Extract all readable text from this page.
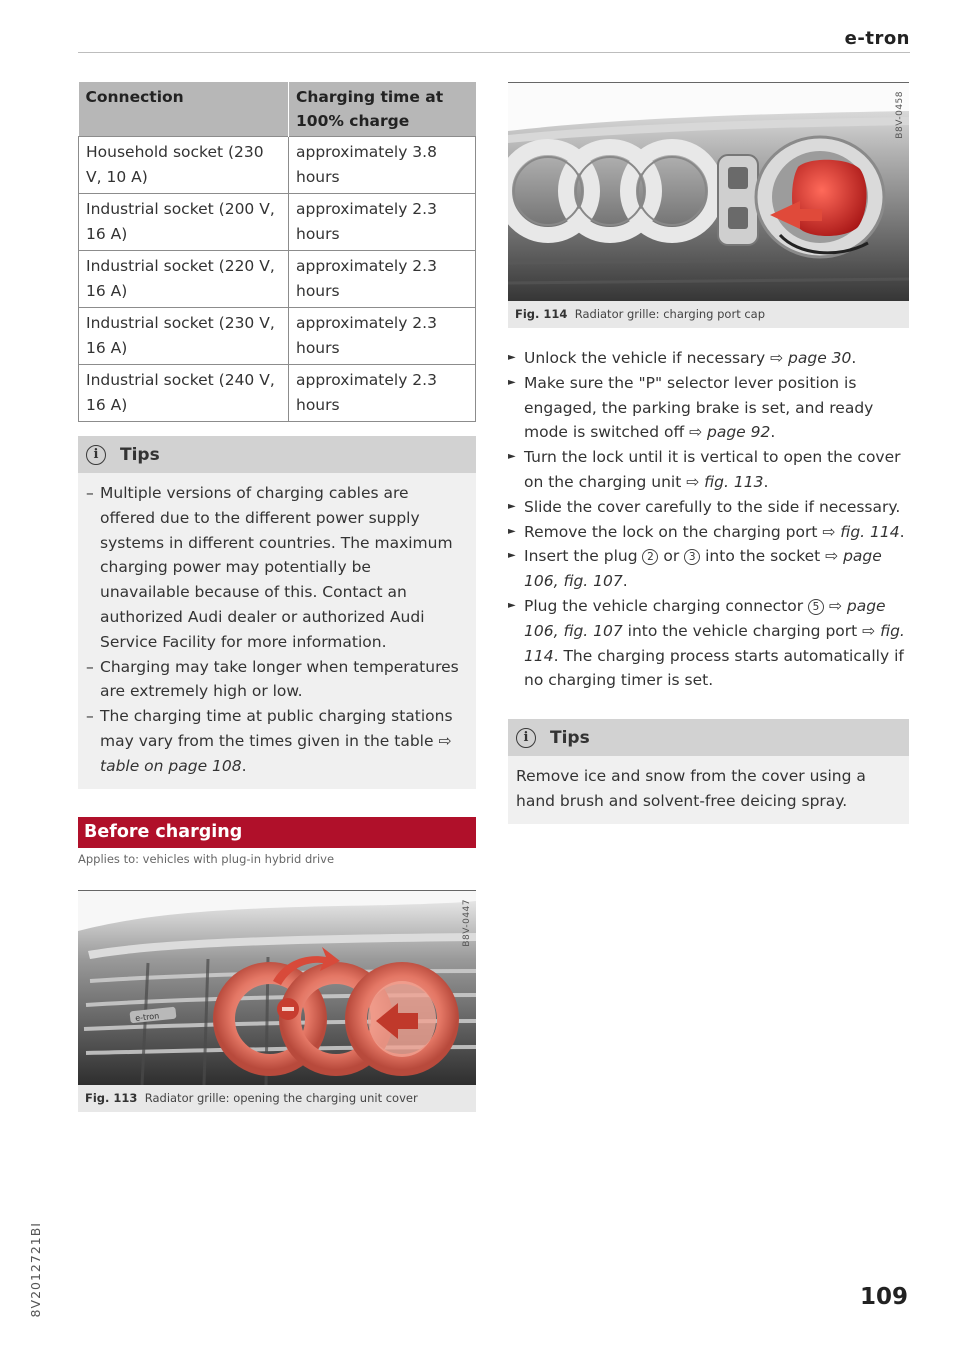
e-tron
Connection	Charging time at 100% charge
Household socket (230 V, 10 A)	approximately 3.8 hours
Industrial socket (200 V, 16 A)	approximately 2.3 hours
Industrial socket (220 V, 16 A)	approximately 2.3 hours
Industrial socket (230 V, 16 A)	approximately 2.3 hours
Industrial socket (240 V, 16 A)	approximately 2.3 hours
i	Tips
– Multiple versions of charging cables are offered due to the different power supply systems in different countries. The maximum charging power may potentially be unavailable because of this. Contact an authorized Audi dealer or authorized Audi Service Facility for more information.
– Charging may take longer when temperatures are extremely high or low.
– The charging time at public charging stations may vary from the times given in the table ⇨ table on page 108.
Before charging
Applies to: vehicles with plug-in hybrid drive
e-tron
B8V-0447
Fig. 113 Radiator grille: opening the charging unit cover
B8V-0458
Fig. 114 Radiator grille: charging port cap
► Unlock the vehicle if necessary ⇨ page 30.
► Make sure the "P" selector lever position is engaged, the parking brake is set, and ready mode is switched off ⇨ page 92.
► Turn the lock until it is vertical to open the cover on the charging unit ⇨ fig. 113.
► Slide the cover carefully to the side if necessary.
► Remove the lock on the charging port ⇨ fig. 114.
► Insert the plug 2 or 3 into the socket ⇨ page 106, fig. 107.
► Plug the vehicle charging connector 5 ⇨ page 106, fig. 107 into the vehicle charging port ⇨ fig. 114. The charging process starts automatically if no charging timer is set.
i	Tips
Remove ice and snow from the cover using a hand brush and solvent-free deicing spray.
8V2012721BI	109
